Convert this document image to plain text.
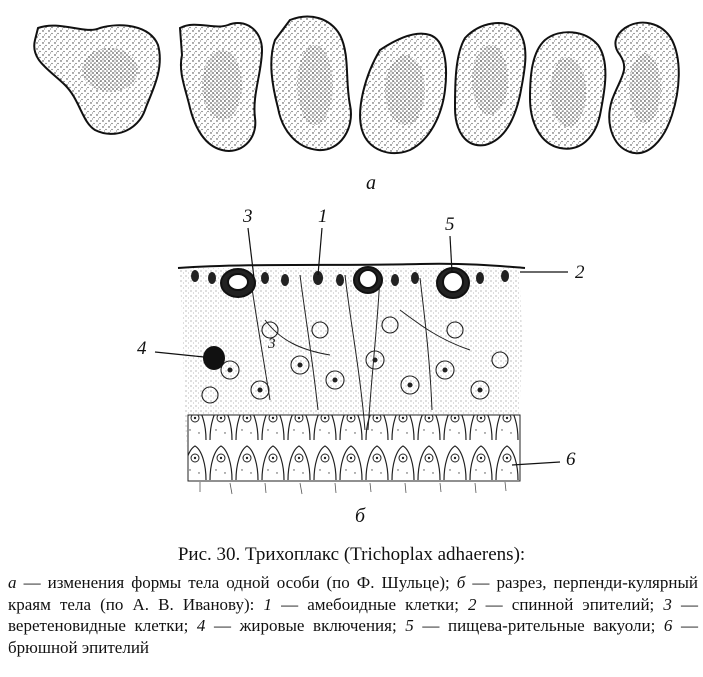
а
3	1	5
2
4	3
6
б
Рис. 30. Трихоплакс (Trichoplax adhaerens):
а — изменения формы тела одной особи (по Ф. Шульце); б — разрез, перпенди-кулярный краям тела (по А. В. Иванову): 1 — амебоидные клетки; 2 — спинной эпителий; 3 — веретеновидные клетки; 4 — жировые включения; 5 — пищева-рительные вакуоли; 6 — брюшной эпителий
